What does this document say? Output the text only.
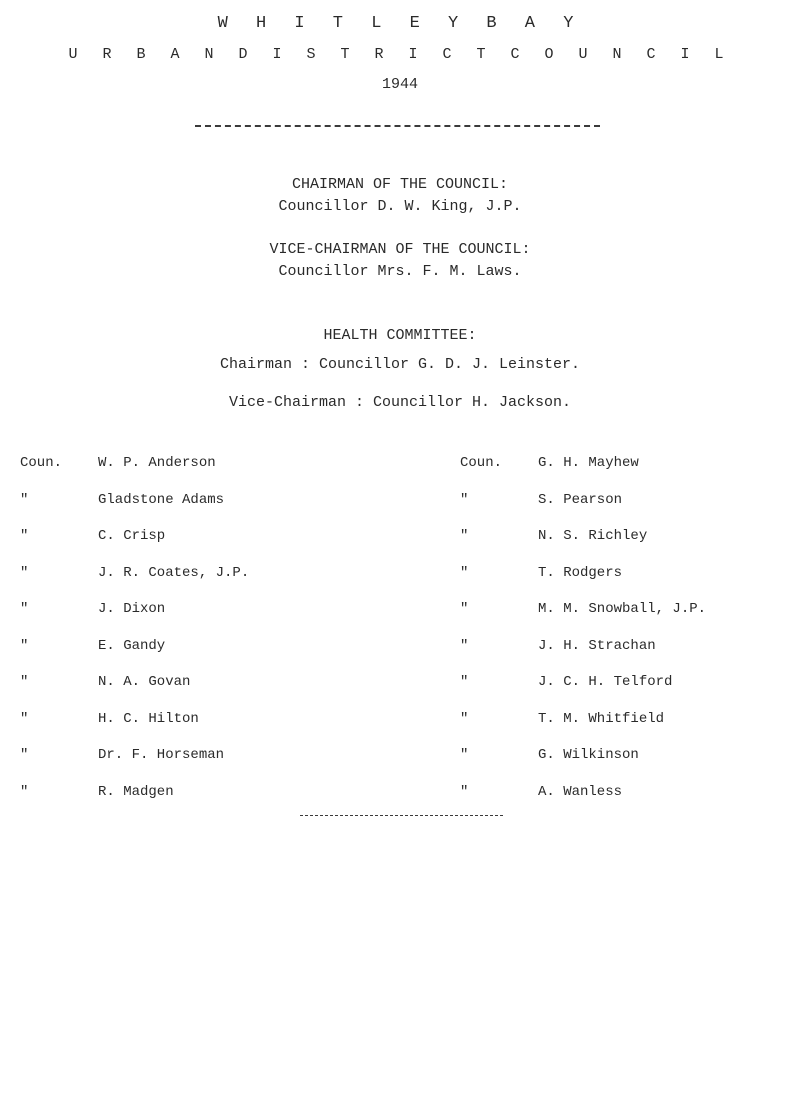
W H I T L E Y B A Y
U R B A N D I S T R I C T C O U N C I L
1944
CHAIRMAN OF THE COUNCIL:
Councillor D. W. King, J.P.
VICE-CHAIRMAN OF THE COUNCIL:
Councillor Mrs. F. M. Laws.
HEALTH COMMITTEE:
Chairman : Councillor G. D. J. Leinster.
Vice-Chairman : Councillor H. Jackson.
Coun.	W. P. Anderson
"	Gladstone Adams
"	C. Crisp
"	J. R. Coates, J.P.
"	J. Dixon
"	E. Gandy
"	N. A. Govan
"	H. C. Hilton
"	Dr. F. Horseman
"	R. Madgen
Coun.	G. H. Mayhew
"	S. Pearson
"	N. S. Richley
"	T. Rodgers
"	M. M. Snowball, J.P.
"	J. H. Strachan
"	J. C. H. Telford
"	T. M. Whitfield
"	G. Wilkinson
"	A. Wanless
